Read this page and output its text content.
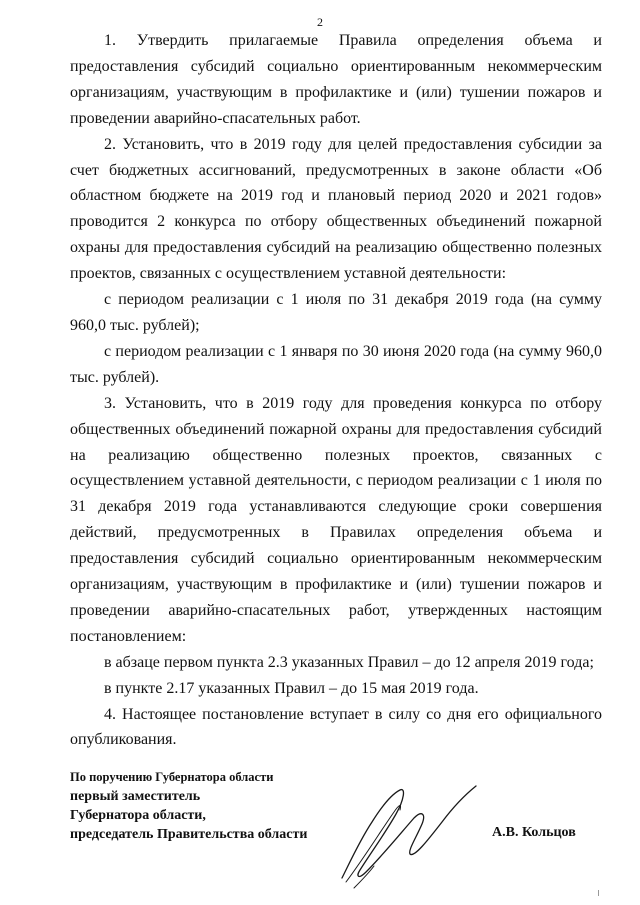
2

1. Утвердить прилагаемые Правила определения объема и предоставления субсидий социально ориентированным некоммерческим организациям, участвующим в профилактике и (или) тушении пожаров и проведении аварийно-спасательных работ.

2. Установить, что в 2019 году для целей предоставления субсидии за счет бюджетных ассигнований, предусмотренных в законе области «Об областном бюджете на 2019 год и плановый период 2020 и 2021 годов» проводится 2 конкурса по отбору общественных объединений пожарной охраны для предоставления субсидий на реализацию общественно полезных проектов, связанных с осуществлением уставной деятельности:

с периодом реализации с 1 июля по 31 декабря 2019 года (на сумму 960,0 тыс. рублей);

с периодом реализации с 1 января по 30 июня 2020 года (на сумму 960,0 тыс. рублей).

3. Установить, что в 2019 году для проведения конкурса по отбору общественных объединений пожарной охраны для предоставления субсидий на реализацию общественно полезных проектов, связанных с осуществлением уставной деятельности, с периодом реализации с 1 июля по 31 декабря 2019 года устанавливаются следующие сроки совершения действий, предусмотренных в Правилах определения объема и предоставления субсидий социально ориентированным некоммерческим организациям, участвующим в профилактике и (или) тушении пожаров и проведении аварийно-спасательных работ, утвержденных настоящим постановлением:

в абзаце первом пункта 2.3 указанных Правил – до 12 апреля 2019 года;

в пункте 2.17 указанных Правил – до 15 мая 2019 года.

4. Настоящее постановление вступает в силу со дня его официального опубликования.

По поручению Губернатора области
первый заместитель
Губернатора области,
председатель Правительства области	А.В. Кольцов
